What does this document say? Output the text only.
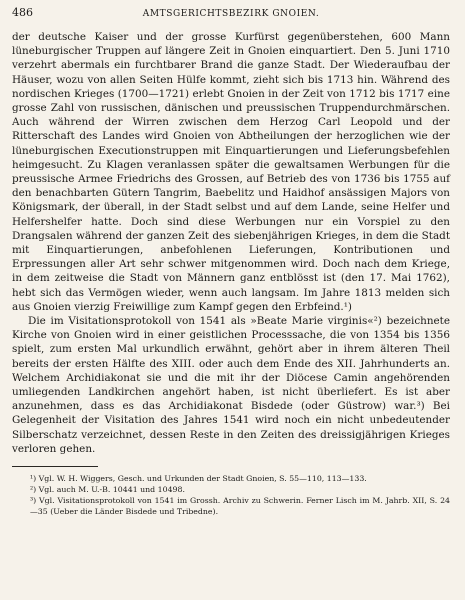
486	AMTSGERICHTSBEZIRK GNOIEN.

der deutsche Kaiser und der grosse Kurfürst gegenüberstehen, 600 Mann lüneburgischer Truppen auf längere Zeit in Gnoien einquartiert. Den 5. Juni 1710 verzehrt abermals ein furchtbarer Brand die ganze Stadt. Der Wiederaufbau der Häuser, wozu von allen Seiten Hülfe kommt, zieht sich bis 1713 hin. Während des nordischen Krieges (1700—1721) erlebt Gnoien in der Zeit von 1712 bis 1717 eine grosse Zahl von russischen, dänischen und preussischen Truppendurchmärschen. Auch während der Wirren zwischen dem Herzog Carl Leopold und der Ritterschaft des Landes wird Gnoien von Abtheilungen der herzoglichen wie der lüneburgischen Executionstruppen mit Einquartierungen und Lieferungsbefehlen heimgesucht. Zu Klagen veranlassen später die gewaltsamen Werbungen für die preussische Armee Friedrichs des Grossen, auf Betrieb des von 1736 bis 1755 auf den benachbarten Gütern Tangrim, Baebelitz und Haidhof ansässigen Majors von Königsmark, der überall, in der Stadt selbst und auf dem Lande, seine Helfer und Helfershelfer hatte. Doch sind diese Werbungen nur ein Vorspiel zu den Drangsalen während der ganzen Zeit des siebenjährigen Krieges, in dem die Stadt mit Einquartierungen, anbefohlenen Lieferungen, Kontributionen und Erpressungen aller Art sehr schwer mitgenommen wird. Doch nach dem Kriege, in dem zeitweise die Stadt von Männern ganz entblösst ist (den 17. Mai 1762), hebt sich das Vermögen wieder, wenn auch langsam. Im Jahre 1813 melden sich aus Gnoien vierzig Freiwillige zum Kampf gegen den Erbfeind.¹)

Die im Visitationsprotokoll von 1541 als »Beate Marie virginis«²) bezeichnete Kirche von Gnoien wird in einer geistlichen Processsache, die von 1354 bis 1356 spielt, zum ersten Mal urkundlich erwähnt, gehört aber in ihrem älteren Theil bereits der ersten Hälfte des XIII. oder auch dem Ende des XII. Jahrhunderts an. Welchem Archidiakonat sie und die mit ihr der Diöcese Camin angehörenden umliegenden Landkirchen angehört haben, ist nicht überliefert. Es ist aber anzunehmen, dass es das Archidiakonat Bisdede (oder Güstrow) war.³) Bei Gelegenheit der Visitation des Jahres 1541 wird noch ein nicht unbedeutender Silberschatz verzeichnet, dessen Reste in den Zeiten des dreissigjährigen Krieges verloren gehen.

¹) Vgl. W. H. Wiggers, Gesch. und Urkunden der Stadt Gnoien, S. 55—110, 113—133.

²) Vgl. auch M. U.-B. 10441 und 10498.

³) Vgl. Visitationsprotokoll von 1541 im Grossh. Archiv zu Schwerin. Ferner Lisch im M. Jahrb. XII, S. 24—35 (Ueber die Länder Bisdede und Tribedne).
